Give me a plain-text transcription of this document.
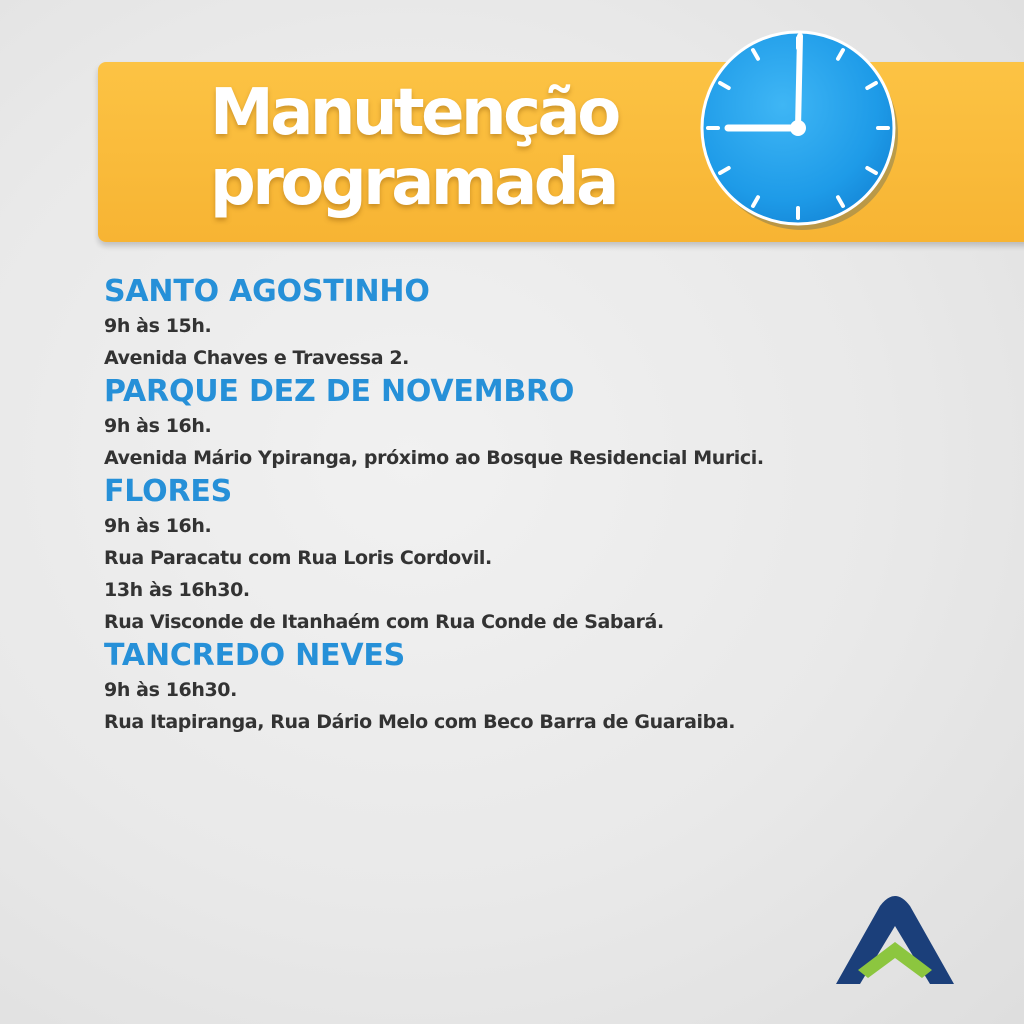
Manutenção
programada
SANTO AGOSTINHO

9h às 15h.

Avenida Chaves e Travessa 2.

PARQUE DEZ DE NOVEMBRO

9h às 16h.

Avenida Mário Ypiranga, próximo ao Bosque Residencial Murici.

FLORES

9h às 16h.

Rua Paracatu com Rua Loris Cordovil.

13h às 16h30.

Rua Visconde de Itanhaém com Rua Conde de Sabará.

TANCREDO NEVES

9h às 16h30.

Rua Itapiranga, Rua Dário Melo com Beco Barra de Guaraiba.
